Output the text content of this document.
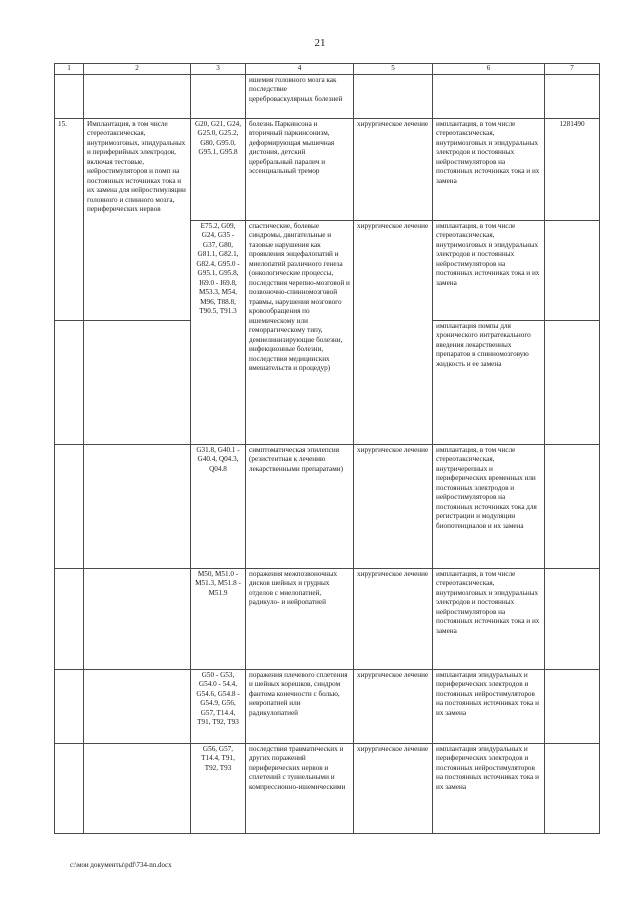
21
1	2	3	4	5	6	7
			ишемия головного мозга как последствие цереброваскулярных болезней			
15.	Имплантация, в том числе стереотаксическая, внутримозговых, эпидуральных и периферийных электродов, включая тестовые, нейростимуляторов и помп на постоянных источниках тока и их замена для нейростимуляции головного и спинного мозга, периферических нервов	G20, G21, G24, G25.0, G25.2, G80, G95.0, G95.1, G95.8	болезнь Паркинсона и вторичный паркинсонизм, деформирующая мышечная дистония, детский церебральный паралич и эссенциальный тремор	хирургическое лечение	имплантация, в том числе стереотаксическая, внутримозговых и эпидуральных электродов и постоянных нейростимуляторов на постоянных источниках тока и их замена	1281490
		E75.2, G09, G24, G35 - G37, G80, G81.1, G82.1, G82.4, G95.0 - G95.1, G95.8, I69.0 - I69.8, M53.3, M54, M96, T88.8, T90.5, T91.3	спастические, болевые синдромы, двигательные и тазовые нарушения как проявления энцефалопатий и миелопатий различного генеза (онкологические процессы, последствия черепно-мозговой и позвоночно-спинномозговой травмы, нарушения мозгового кровообращения по ишемическому или геморрагическому типу, демиелинизирующие болезни, инфекционные болезни, последствия медицинских вмешательств и процедур)	хирургическое лечение	имплантация, в том числе стереотаксическая, внутримозговых и эпидуральных электродов и постоянных нейростимуляторов на постоянных источниках тока и их замена	
					имплантация помпы для хронического интратекального введения лекарственных препаратов в спинномозговую жидкость и ее замена	
		G31.8, G40.1 - G40.4, Q04.3, Q04.8	симптоматическая эпилепсия (резистентная к лечению лекарственными препаратами)	хирургическое лечение	имплантация, в том числе стереотаксическая, внутричерепных и периферических временных или постоянных электродов и нейростимуляторов на постоянных источниках тока для регистрации и модуляции биопотенциалов и их замена	
		M50, M51.0 - M51.3, M51.8 - M51.9	поражения межпозвоночных дисков шейных и грудных отделов с миелопатией, радикуло- и нейропатией	хирургическое лечение	имплантация, в том числе стереотаксическая, внутримозговых и эпидуральных электродов и постоянных нейростимуляторов на постоянных источниках тока и их замена	
		G50 - G53, G54.0 - 54.4, G54.6, G54.8 - G54.9, G56, G57, T14.4, T91, T92, T93	поражения плечевого сплетения и шейных корешков, синдром фантома конечности с болью, невропатией или радикулопатией	хирургическое лечение	имплантация эпидуральных и периферических электродов и постоянных нейростимуляторов на постоянных источниках тока и их замена	
		G56, G57, T14.4, T91, T92, T93	последствия травматических и других поражений периферических нервов и сплетений с туннельными и компрессионно-ишемическими	хирургическое лечение	имплантация эпидуральных и периферических электродов и постоянных нейростимуляторов на постоянных источниках тока и их замена	
c:\мои документы\pdf\734-nn.docx
